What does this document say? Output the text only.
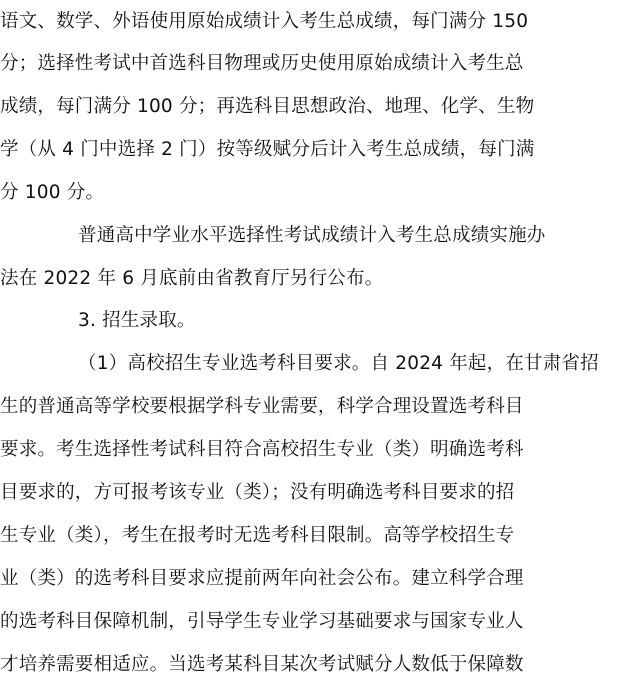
语文、数学、外语使用原始成绩计入考生总成绩，每门满分 150
分；选择性考试中首选科目物理或历史使用原始成绩计入考生总
成绩，每门满分 100 分；再选科目思想政治、地理、化学、生物
学（从 4 门中选择 2 门）按等级赋分后计入考生总成绩，每门满
分 100 分。
普通高中学业水平选择性考试成绩计入考生总成绩实施办
法在 2022 年 6 月底前由省教育厅另行公布。
3. 招生录取。
（1）高校招生专业选考科目要求。自 2024 年起，在甘肃省招
生的普通高等学校要根据学科专业需要，科学合理设置选考科目
要求。考生选择性考试科目符合高校招生专业（类）明确选考科
目要求的，方可报考该专业（类）；没有明确选考科目要求的招
生专业（类），考生在报考时无选考科目限制。高等学校招生专
业（类）的选考科目要求应提前两年向社会公布。建立科学合理
的选考科目保障机制，引导学生专业学习基础要求与国家专业人
才培养需要相适应。当选考某科目某次考试赋分人数低于保障数
